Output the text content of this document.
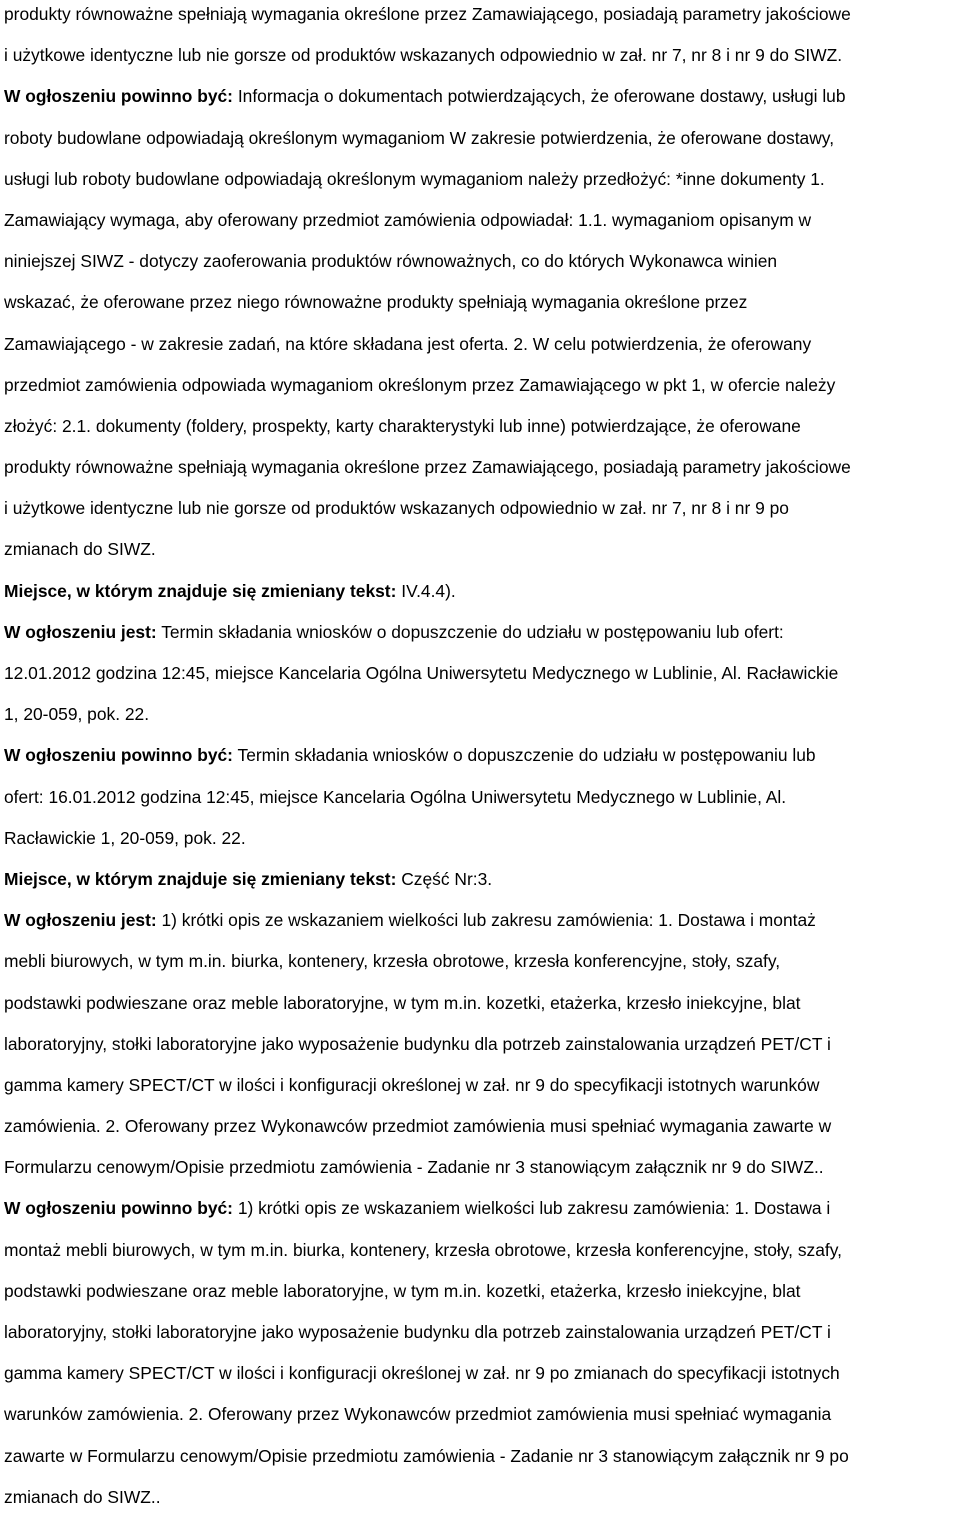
produkty równoważne spełniają wymagania określone przez Zamawiającego, posiadają parametry jakościowe
i użytkowe identyczne lub nie gorsze od produktów wskazanych odpowiednio w zał. nr 7, nr 8 i nr 9 do SIWZ.
W ogłoszeniu powinno być: Informacja o dokumentach potwierdzających, że oferowane dostawy, usługi lub
roboty budowlane odpowiadają określonym wymaganiom W zakresie potwierdzenia, że oferowane dostawy,
usługi lub roboty budowlane odpowiadają określonym wymaganiom należy przedłożyć: *inne dokumenty 1.
Zamawiający wymaga, aby oferowany przedmiot zamówienia odpowiadał: 1.1. wymaganiom opisanym w
niniejszej SIWZ - dotyczy zaoferowania produktów równoważnych, co do których Wykonawca winien
wskazać, że oferowane przez niego równoważne produkty spełniają wymagania określone przez
Zamawiającego - w zakresie zadań, na które składana jest oferta. 2. W celu potwierdzenia, że oferowany
przedmiot zamówienia odpowiada wymaganiom określonym przez Zamawiającego w pkt 1, w ofercie należy
złożyć: 2.1. dokumenty (foldery, prospekty, karty charakterystyki lub inne) potwierdzające, że oferowane
produkty równoważne spełniają wymagania określone przez Zamawiającego, posiadają parametry jakościowe
i użytkowe identyczne lub nie gorsze od produktów wskazanych odpowiednio w zał. nr 7, nr 8 i nr 9 po
zmianach do SIWZ.
Miejsce, w którym znajduje się zmieniany tekst: IV.4.4).
W ogłoszeniu jest: Termin składania wniosków o dopuszczenie do udziału w postępowaniu lub ofert:
12.01.2012 godzina 12:45, miejsce Kancelaria Ogólna Uniwersytetu Medycznego w Lublinie, Al. Racławickie
1, 20-059, pok. 22.
W ogłoszeniu powinno być: Termin składania wniosków o dopuszczenie do udziału w postępowaniu lub
ofert: 16.01.2012 godzina 12:45, miejsce Kancelaria Ogólna Uniwersytetu Medycznego w Lublinie, Al.
Racławickie 1, 20-059, pok. 22.
Miejsce, w którym znajduje się zmieniany tekst: Część Nr:3.
W ogłoszeniu jest: 1) krótki opis ze wskazaniem wielkości lub zakresu zamówienia: 1. Dostawa i montaż
mebli biurowych, w tym m.in. biurka, kontenery, krzesła obrotowe, krzesła konferencyjne, stoły, szafy,
podstawki podwieszane oraz meble laboratoryjne, w tym m.in. kozetki, etażerka, krzesło iniekcyjne, blat
laboratoryjny, stołki laboratoryjne jako wyposażenie budynku dla potrzeb zainstalowania urządzeń PET/CT i
gamma kamery SPECT/CT w ilości i konfiguracji określonej w zał. nr 9 do specyfikacji istotnych warunków
zamówienia. 2. Oferowany przez Wykonawców przedmiot zamówienia musi spełniać wymagania zawarte w
Formularzu cenowym/Opisie przedmiotu zamówienia - Zadanie nr 3 stanowiącym załącznik nr 9 do SIWZ..
W ogłoszeniu powinno być: 1) krótki opis ze wskazaniem wielkości lub zakresu zamówienia: 1. Dostawa i
montaż mebli biurowych, w tym m.in. biurka, kontenery, krzesła obrotowe, krzesła konferencyjne, stoły, szafy,
podstawki podwieszane oraz meble laboratoryjne, w tym m.in. kozetki, etażerka, krzesło iniekcyjne, blat
laboratoryjny, stołki laboratoryjne jako wyposażenie budynku dla potrzeb zainstalowania urządzeń PET/CT i
gamma kamery SPECT/CT w ilości i konfiguracji określonej w zał. nr 9 po zmianach do specyfikacji istotnych
warunków zamówienia. 2. Oferowany przez Wykonawców przedmiot zamówienia musi spełniać wymagania
zawarte w Formularzu cenowym/Opisie przedmiotu zamówienia - Zadanie nr 3 stanowiącym załącznik nr 9 po
zmianach do SIWZ..
